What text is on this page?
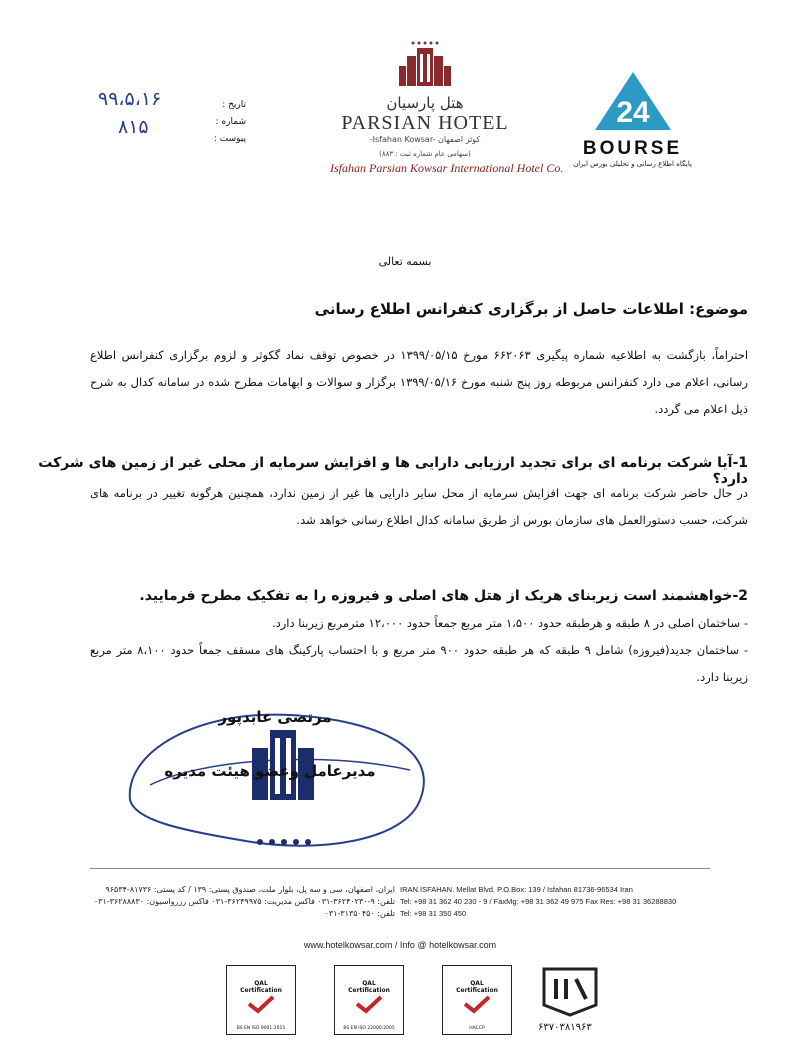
تاریخ :
شماره :
پیوست :
۹۹،۵،۱۶
۸۱۵
هتل پارسیان
PARSIAN HOTEL
-Isfahan Kowsar- کوثر اصفهان
(سهامی عام شماره ثبت : ۸۸۳)
Isfahan Parsian Kowsar International Hotel Co.
24
BOURSE
پایگاه اطلاع رسانی و تحلیلی بورس ایران
بسمه تعالی
موضوع: اطلاعات حاصل از برگزاری کنفرانس اطلاع رسانی
احتراماً، بازگشت به اطلاعیه شماره پیگیری ۶۶۲۰۶۳ مورخ ۱۳۹۹/۰۵/۱۵ در خصوص توقف نماد گکوثر و لزوم برگزاری کنفرانس اطلاع رسانی، اعلام می دارد کنفرانس مربوطه روز پنج شنبه مورخ ۱۳۹۹/۰۵/۱۶ برگزار و سوالات و ابهامات مطرح شده در سامانه کدال به شرح ذیل اعلام می گردد.
1-آیا شرکت برنامه ای برای تجدید ارزیابی دارایی ها و افزایش سرمایه از محلی غیر از زمین های شرکت دارد؟
در حال حاضر شرکت برنامه ای جهت افزایش سرمایه از محل سایر دارایی ها غیر از زمین ندارد، همچنین هرگونه تغییر در برنامه های شرکت، حسب دستورالعمل های سازمان بورس از طریق سامانه کدال اطلاع رسانی خواهد شد.
2-خواهشمند است زیربنای هریک از هتل های اصلی و فیروزه را به تفکیک مطرح فرمایید.
- ساختمان اصلی در ۸ طبقه و هرطبقه حدود ۱،۵۰۰ متر مربع جمعاً حدود ۱۲،۰۰۰ مترمربع زیربنا دارد.
- ساختمان جدید(فیروزه) شامل ۹ طبقه که هر طبقه حدود ۹۰۰ متر مربع و با احتساب پارکینگ های مسقف جمعاً حدود ۸،۱۰۰ متر مربع زیربنا دارد.
مرتضی عابدپور
مدیرعامل وعضو هیئت مدیره
ایران، اصفهان، سی و سه پل، بلوار ملت، صندوق پستی: ۱۳۹ / کد پستی: ۸۱۷۳۶-۹۶۵۳۴
تلفن: ۹-۳۶۲۴۰۲۳۰-۰۳۱ فاکس مدیریت: ۳۶۲۴۹۹۷۵-۰۳۱ فاکس رزرواسیون: ۳۶۲۸۸۸۳۰-۰۳۱
تلفن: ۳۱۳۵۰۴۵۰-۰۳۱
IRAN.ISFAHAN. Mellat Blvd. P.O.Box: 139 / Isfahan 81736-96534 Iran
Tel: +98 31 362 40 230 - 9 / FaxMg: +98 31 362 49 975 Fax Res: +98 31 36288830
Tel: +98 31 350 450
www.hotelkowsar.com / Info @ hotelkowsar.com
QAL
Certification
BS EN ISO 9001:2015
QAL
Certification
BS EN ISO 22000:2005
QAL
Certification
HACCP	۶۳۷۰۳۸۱۹۶۳
